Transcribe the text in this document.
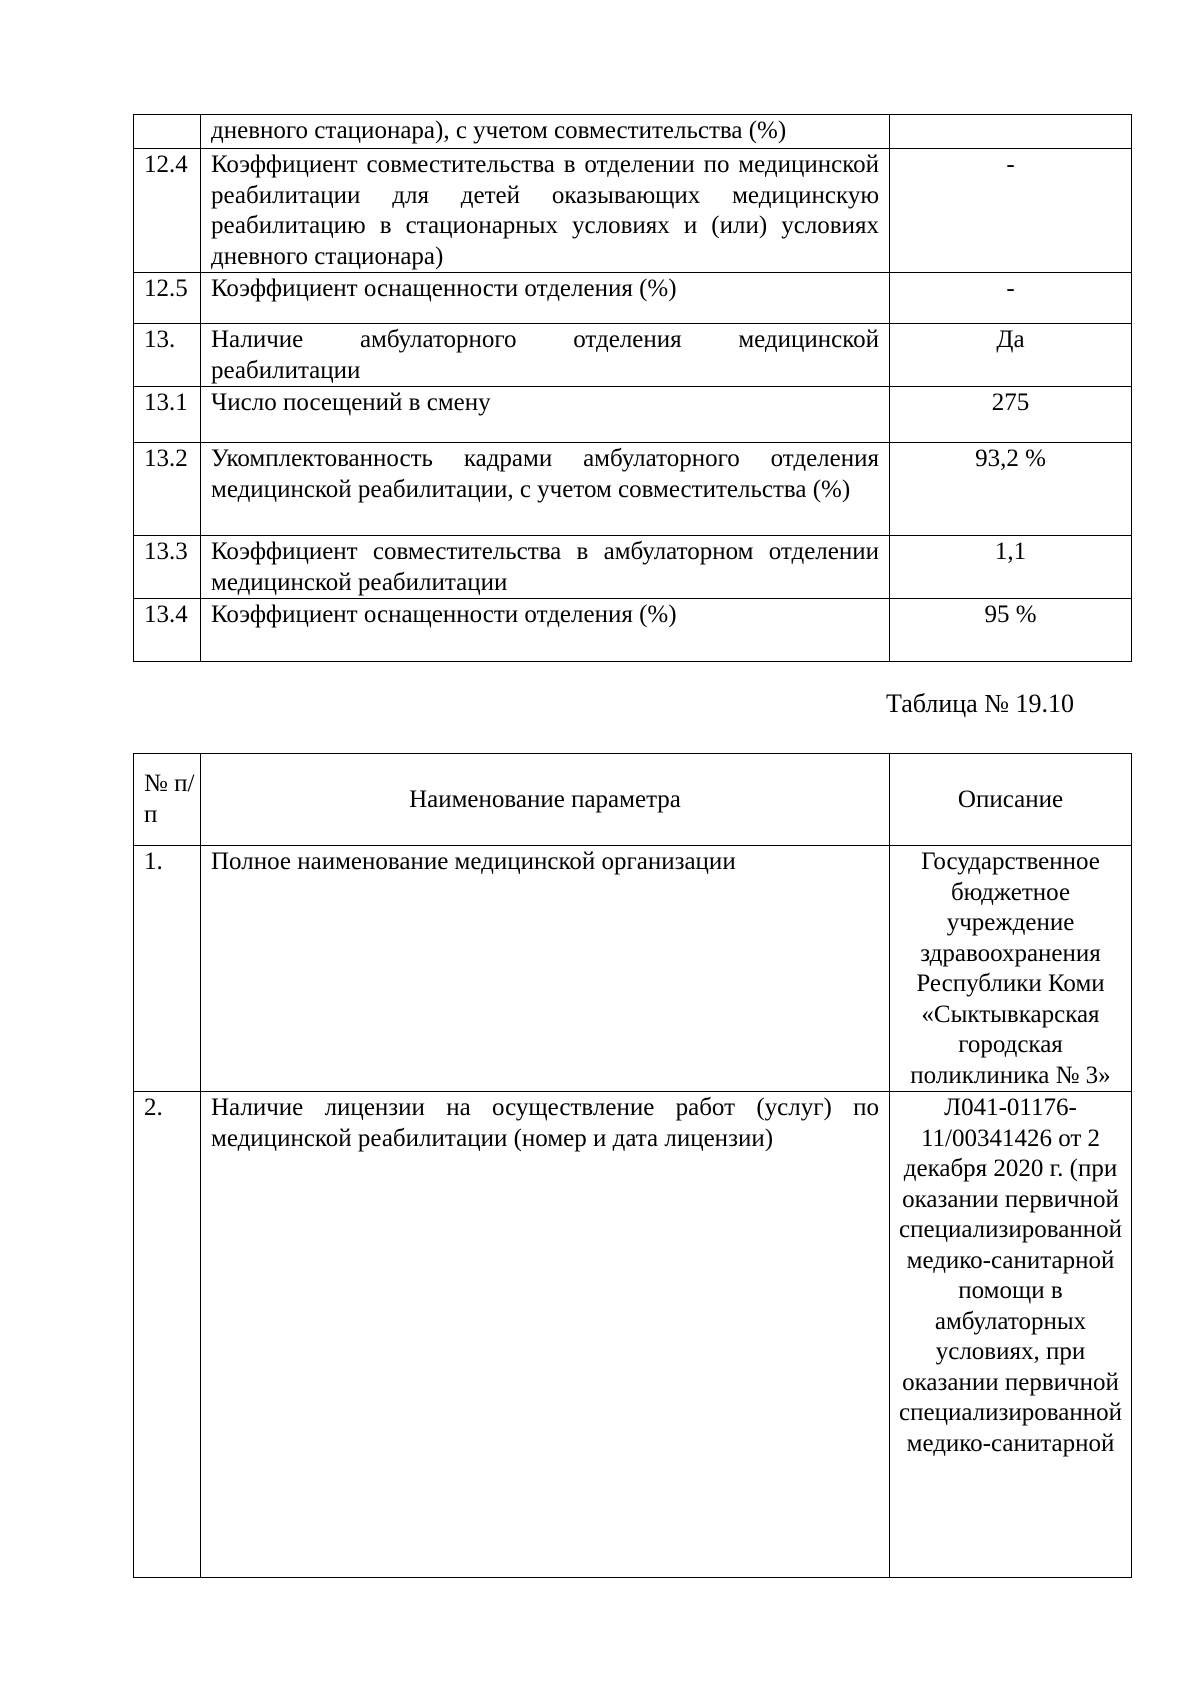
	дневного стационара), с учетом совместительства (%)	
12.4	Коэффициент совместительства в отделении по медицинской реабилитации для детей оказывающих медицинскую реабилитацию в стационарных условиях и (или) условиях дневного стационара)	-
12.5	Коэффициент оснащенности отделения (%)	-
13.	Наличие амбулаторного отделения медицинской реабилитации	Да
13.1	Число посещений в смену	275
13.2	Укомплектованность кадрами амбулаторного отделения медицинской реабилитации, с учетом совместительства (%)	93,2 %
13.3	Коэффициент совместительства в амбулаторном отделении медицинской реабилитации	1,1
13.4	Коэффициент оснащенности отделения (%)	95 %
Таблица № 19.10
№ п/п	Наименование параметра	Описание
1.	Полное наименование медицинской организации	Государственное бюджетное учреждение здравоохранения Республики Коми «Сыктывкарская городская поликлиника № 3»
2.	Наличие лицензии на осуществление работ (услуг) по медицинской реабилитации (номер и дата лицензии)	Л041-01176-11/00341426 от 2 декабря 2020 г. (при оказании первичной специализированной медико-санитарной помощи в амбулаторных условиях, при оказании первичной специализированной медико-санитарной
